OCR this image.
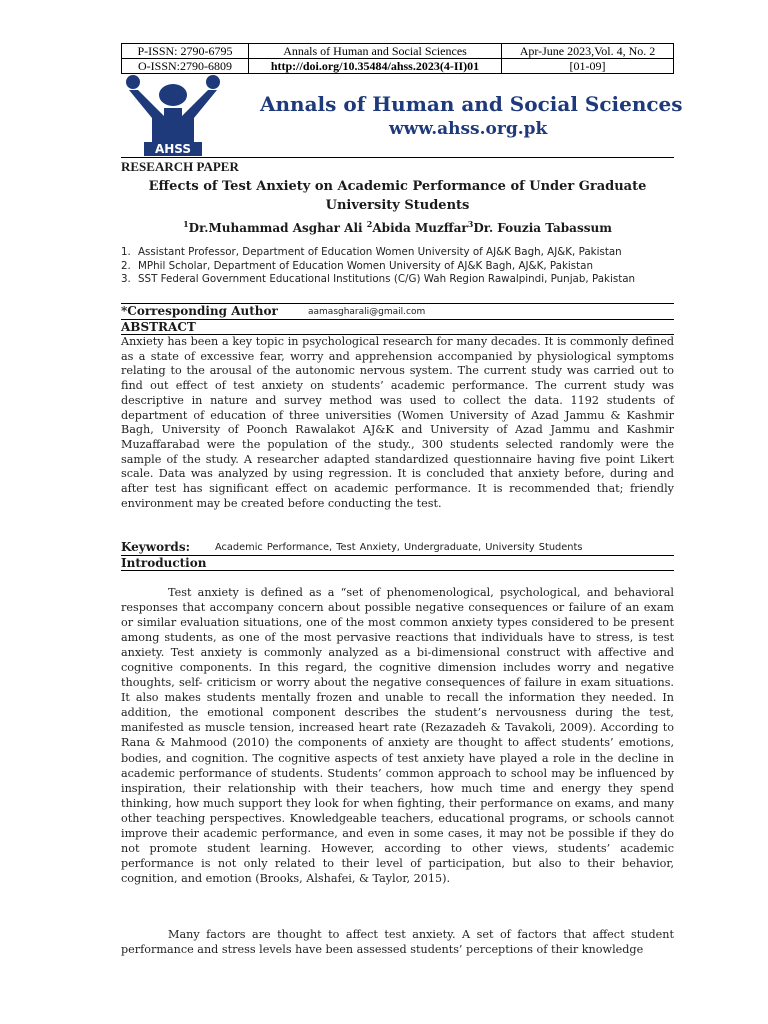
P-ISSN: 2790-6795	Annals of Human and Social Sciences	Apr-June 2023,Vol. 4, No. 2
O-ISSN:2790-6809	http://doi.org/10.35484/ahss.2023(4-II)01	[01-09]
AHSS
Annals of Human and Social Sciences
www.ahss.org.pk
RESEARCH PAPER
Effects of Test Anxiety on Academic Performance of Under Graduate University Students
$^1$Dr.Muhammad Asghar Ali $^2$Abida Muzffar$^3$Dr. Fouzia Tabassum
1. Assistant Professor, Department of Education Women University of AJ&K Bagh, AJ&K, Pakistan
2. MPhil Scholar, Department of Education Women University of AJ&K Bagh, AJ&K, Pakistan
3. SST Federal Government Educational Institutions (C/G) Wah Region Rawalpindi, Punjab, Pakistan
*Corresponding Author	aamasgharali@gmail.com
ABSTRACT

Anxiety has been a key topic in psychological research for many decades. It is commonly defined as a state of excessive fear, worry and apprehension accompanied by physiological symptoms relating to the arousal of the autonomic nervous system. The current study was carried out to find out effect of test anxiety on students’ academic performance. The current study was descriptive in nature and survey method was used to collect the data. 1192 students of department of education of three universities (Women University of Azad Jammu & Kashmir Bagh, University of Poonch Rawalakot AJ&K and University of Azad Jammu and Kashmir Muzaffarabad were the population of the study., 300 students selected randomly were the sample of the study. A researcher adapted standardized questionnaire having five point Likert scale. Data was analyzed by using regression. It is concluded that anxiety before, during and after test has significant effect on academic performance. It is recommended that; friendly environment may be created before conducting the test.

Keywords:	Academic Performance, Test Anxiety, Undergraduate, University Students
Introduction

Test anxiety is defined as a “set of phenomenological, psychological, and behavioral responses that accompany concern about possible negative consequences or failure of an exam or similar evaluation situations, one of the most common anxiety types considered to be present among students, as one of the most pervasive reactions that individuals have to stress, is test anxiety. Test anxiety is commonly analyzed as a bi-dimensional construct with affective and cognitive components. In this regard, the cognitive dimension includes worry and negative thoughts, self- criticism or worry about the negative consequences of failure in exam situations. It also makes students mentally frozen and unable to recall the information they needed. In addition, the emotional component describes the student’s nervousness during the test, manifested as muscle tension, increased heart rate (Rezazadeh & Tavakoli, 2009). According to Rana & Mahmood (2010) the components of anxiety are thought to affect students’ emotions, bodies, and cognition. The cognitive aspects of test anxiety have played a role in the decline in academic performance of students. Students’ common approach to school may be influenced by inspiration, their relationship with their teachers, how much time and energy they spend thinking, how much support they look for when fighting, their performance on exams, and many other teaching perspectives. Knowledgeable teachers, educational programs, or schools cannot improve their academic performance, and even in some cases, it may not be possible if they do not promote student learning. However, according to other views, students’ academic performance is not only related to their level of participation, but also to their behavior, cognition, and emotion (Brooks, Alshafei, & Taylor, 2015).

Many factors are thought to affect test anxiety. A set of factors that affect student performance and stress levels have been assessed students’ perceptions of their knowledge
